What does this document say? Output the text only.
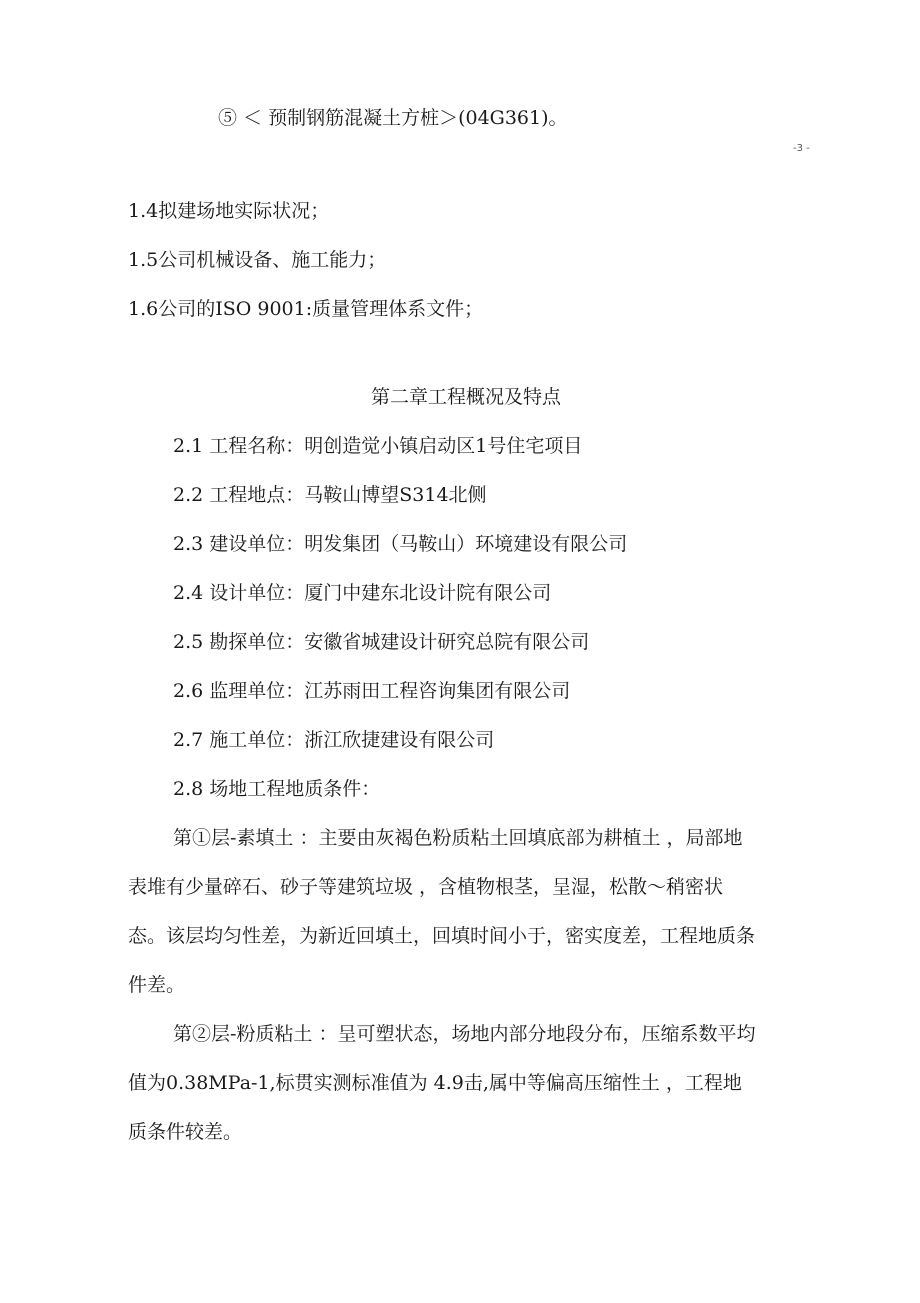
⑤ ＜ 预制钢筋混凝土方桩＞(04G361)。
-3 -
1.4拟建场地实际状况；
1.5公司机械设备、施工能力；
1.6公司的ISO 9001:质量管理体系文件；
第二章工程概况及特点
2.1 工程名称：明创造觉小镇启动区1号住宅项目
2.2 工程地点：马鞍山博望S314北侧
2.3 建设单位：明发集团（马鞍山）环境建设有限公司
2.4 设计单位：厦门中建东北设计院有限公司
2.5 勘探单位：安徽省城建设计研究总院有限公司
2.6 监理单位：江苏雨田工程咨询集团有限公司
2.7 施工单位：浙江欣捷建设有限公司
2.8 场地工程地质条件：
第①层-素填土 ：主要由灰褐色粉质粘土回填底部为耕植土 ，局部地
表堆有少量碎石、砂子等建筑垃圾 ，含植物根茎，呈湿，松散～稍密状
态。该层均匀性差，为新近回填土，回填时间小于，密实度差，工程地质条
件差。
第②层-粉质粘土 ：呈可塑状态，场地内部分地段分布，压缩系数平均
值为0.38MPa-1,标贯实测标准值为 4.9击,属中等偏高压缩性土 ，工程地
质条件较差。
